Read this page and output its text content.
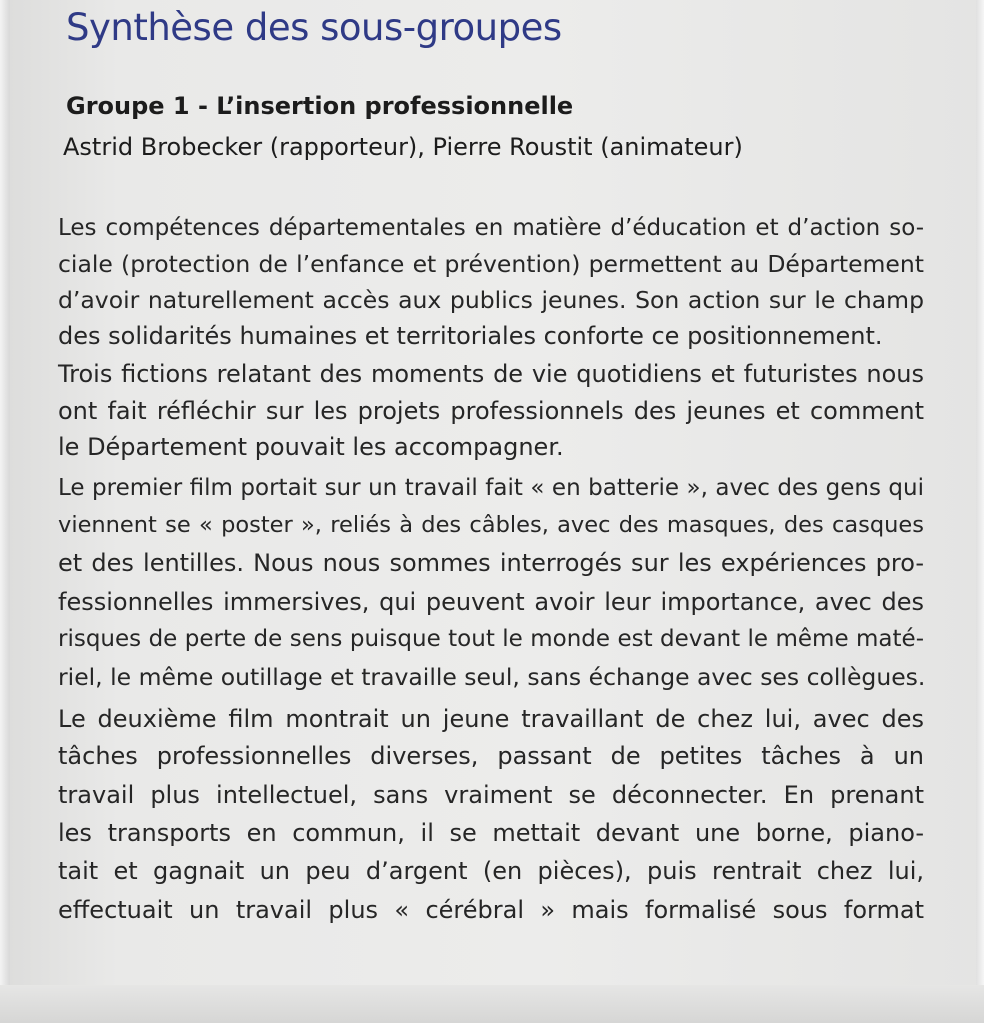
Synthèse des sous-groupes
Groupe 1 - L’insertion professionnelle

Astrid Brobecker (rapporteur), Pierre Roustit (animateur)

Les compétences départementales en matière d’éducation et d’action so-

ciale (protection de l’enfance et prévention) permettent au Département

d’avoir naturellement accès aux publics jeunes. Son action sur le champ

des solidarités humaines et territoriales conforte ce positionnement.

Trois fictions relatant des moments de vie quotidiens et futuristes nous

ont fait réfléchir sur les projets professionnels des jeunes et comment

le Département pouvait les accompagner.

Le premier film portait sur un travail fait « en batterie », avec des gens qui

viennent se « poster », reliés à des câbles, avec des masques, des casques

et des lentilles. Nous nous sommes interrogés sur les expériences pro-

fessionnelles immersives, qui peuvent avoir leur importance, avec des

risques de perte de sens puisque tout le monde est devant le même maté-

riel, le même outillage et travaille seul, sans échange avec ses collègues.

Le deuxième film montrait un jeune travaillant de chez lui, avec des

tâches professionnelles diverses, passant de petites tâches à un

travail plus intellectuel, sans vraiment se déconnecter. En prenant

les transports en commun, il se mettait devant une borne, piano-

tait et gagnait un peu d’argent (en pièces), puis rentrait chez lui,

effectuait un travail plus « cérébral » mais formalisé sous format
